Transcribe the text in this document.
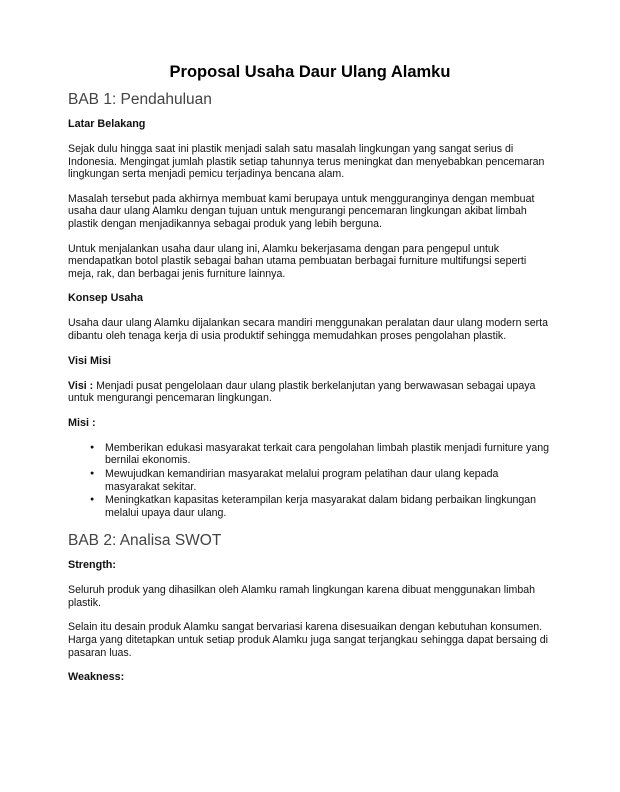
Proposal Usaha Daur Ulang Alamku
BAB 1: Pendahuluan
Latar Belakang

Sejak dulu hingga saat ini plastik menjadi salah satu masalah lingkungan yang sangat serius di Indonesia. Mengingat jumlah plastik setiap tahunnya terus meningkat dan menyebabkan pencemaran lingkungan serta menjadi pemicu terjadinya bencana alam.

Masalah tersebut pada akhirnya membuat kami berupaya untuk mengguranginya dengan membuat usaha daur ulang Alamku dengan tujuan untuk mengurangi pencemaran lingkungan akibat limbah plastik dengan menjadikannya sebagai produk yang lebih berguna.

Untuk menjalankan usaha daur ulang ini, Alamku bekerjasama dengan para pengepul untuk mendapatkan botol plastik sebagai bahan utama pembuatan berbagai furniture multifungsi seperti meja, rak, dan berbagai jenis furniture lainnya.

Konsep Usaha

Usaha daur ulang Alamku dijalankan secara mandiri menggunakan peralatan daur ulang modern serta dibantu oleh tenaga kerja di usia produktif sehingga memudahkan proses pengolahan plastik.

Visi Misi

Visi : Menjadi pusat pengelolaan daur ulang plastik berkelanjutan yang berwawasan sebagai upaya untuk mengurangi pencemaran lingkungan.

Misi :
● Memberikan edukasi masyarakat terkait cara pengolahan limbah plastik menjadi furniture yang bernilai ekonomis.
● Mewujudkan kemandirian masyarakat melalui program pelatihan daur ulang kepada masyarakat sekitar.
● Meningkatkan kapasitas keterampilan kerja masyarakat dalam bidang perbaikan lingkungan melalui upaya daur ulang.
BAB 2: Analisa SWOT
Strength:

Seluruh produk yang dihasilkan oleh Alamku ramah lingkungan karena dibuat menggunakan limbah plastik.

Selain itu desain produk Alamku sangat bervariasi karena disesuaikan dengan kebutuhan konsumen. Harga yang ditetapkan untuk setiap produk Alamku juga sangat terjangkau sehingga dapat bersaing di pasaran luas.

Weakness:
